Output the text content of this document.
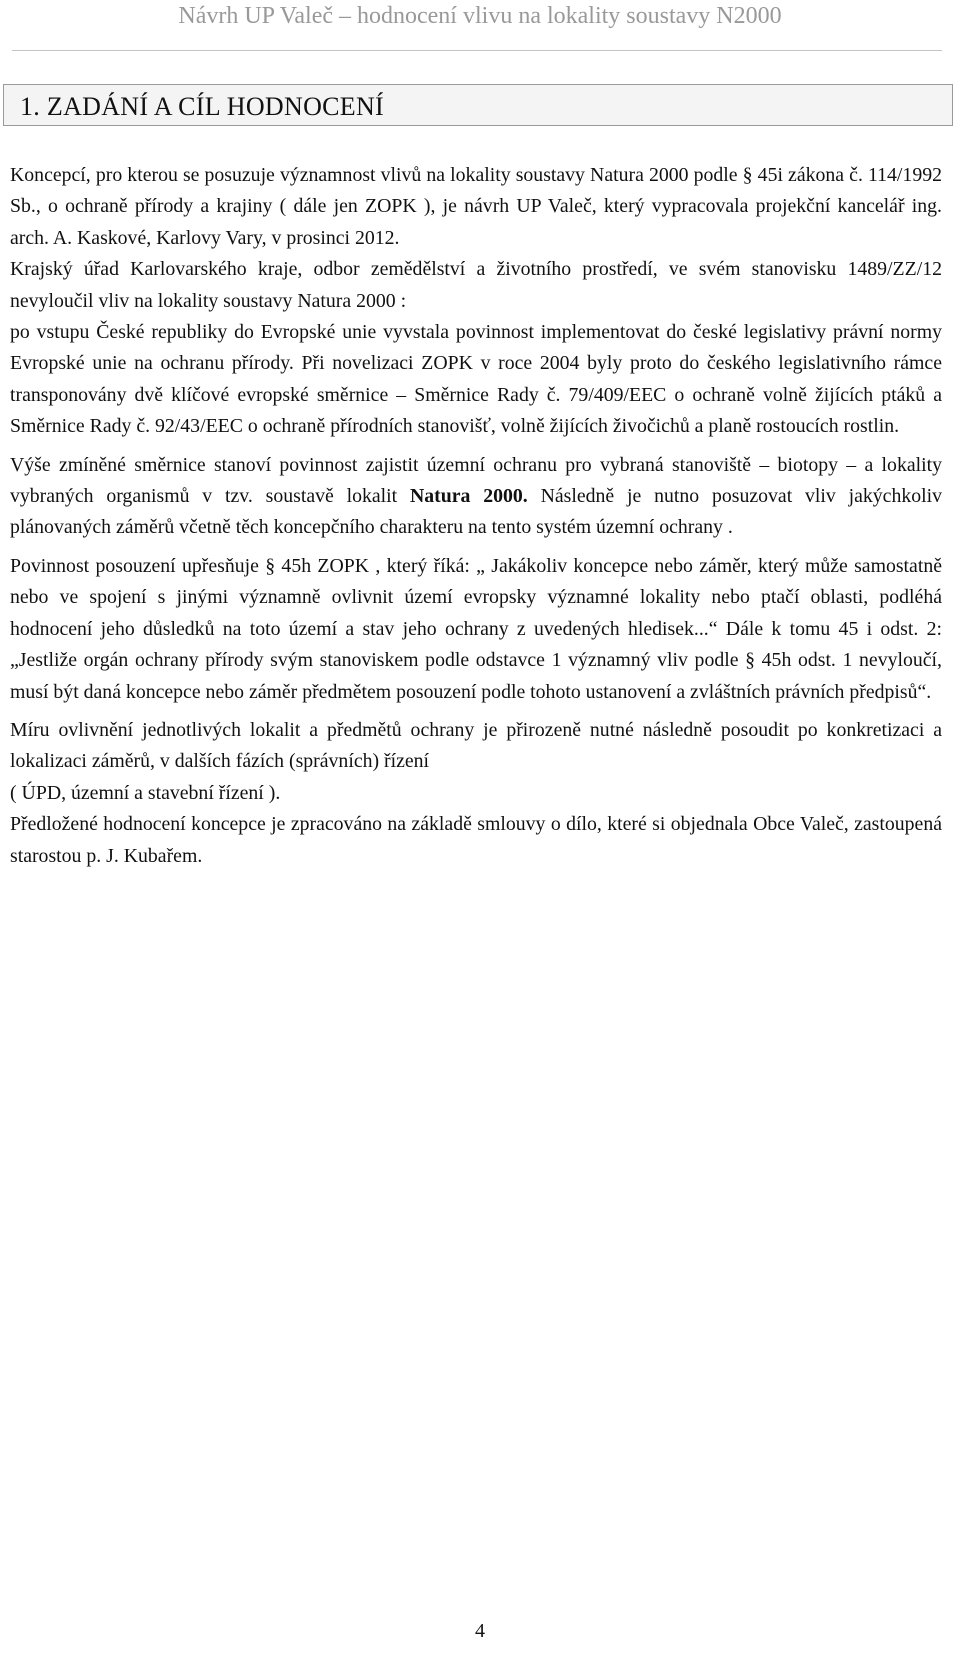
Návrh UP Valeč – hodnocení vlivu na lokality soustavy N2000
1. ZADÁNÍ A CÍL HODNOCENÍ

Koncepcí, pro kterou se posuzuje významnost vlivů na lokality soustavy Natura 2000 podle § 45i zákona č. 114/1992 Sb., o ochraně přírody a krajiny ( dále jen ZOPK ), je návrh UP Valeč, který vypracovala projekční kancelář ing. arch. A. Kaskové, Karlovy Vary, v prosinci 2012.

Krajský úřad Karlovarského kraje, odbor zemědělství a životního prostředí, ve svém stanovisku 1489/ZZ/12 nevyloučil vliv na lokality soustavy Natura 2000 :

po vstupu České republiky do Evropské unie vyvstala povinnost implementovat do české legislativy právní normy Evropské unie na ochranu přírody. Při novelizaci ZOPK v roce 2004 byly proto do českého legislativního rámce transponovány dvě klíčové evropské směrnice – Směrnice Rady č. 79/409/EEC o ochraně volně žijících ptáků a Směrnice Rady č. 92/43/EEC o ochraně přírodních stanovišť, volně žijících živočichů a planě rostoucích rostlin.

Výše zmíněné směrnice stanoví povinnost zajistit územní ochranu pro vybraná stanoviště – biotopy – a lokality vybraných organismů v tzv. soustavě lokalit Natura 2000. Následně je nutno posuzovat vliv jakýchkoliv plánovaných záměrů včetně těch koncepčního charakteru na tento systém územní ochrany .

Povinnost posouzení upřesňuje § 45h ZOPK , který říká: „ Jakákoliv koncepce nebo záměr, který může samostatně nebo ve spojení s jinými významně ovlivnit území evropsky významné lokality nebo ptačí oblasti, podléhá hodnocení jeho důsledků na toto území a stav jeho ochrany z uvedených hledisek...“ Dále k tomu 45 i odst. 2: „Jestliže orgán ochrany přírody svým stanoviskem podle odstavce 1 významný vliv podle § 45h odst. 1 nevyloučí, musí být daná koncepce nebo záměr předmětem posouzení podle tohoto ustanovení a zvláštních právních předpisů“.

Míru ovlivnění jednotlivých lokalit a předmětů ochrany je přirozeně nutné následně posoudit po konkretizaci a lokalizaci záměrů, v dalších fázích (správních) řízení

( ÚPD, územní a stavební řízení ).

Předložené hodnocení koncepce je zpracováno na základě smlouvy o dílo, které si objednala Obce Valeč, zastoupená starostou p. J. Kubařem.

4
